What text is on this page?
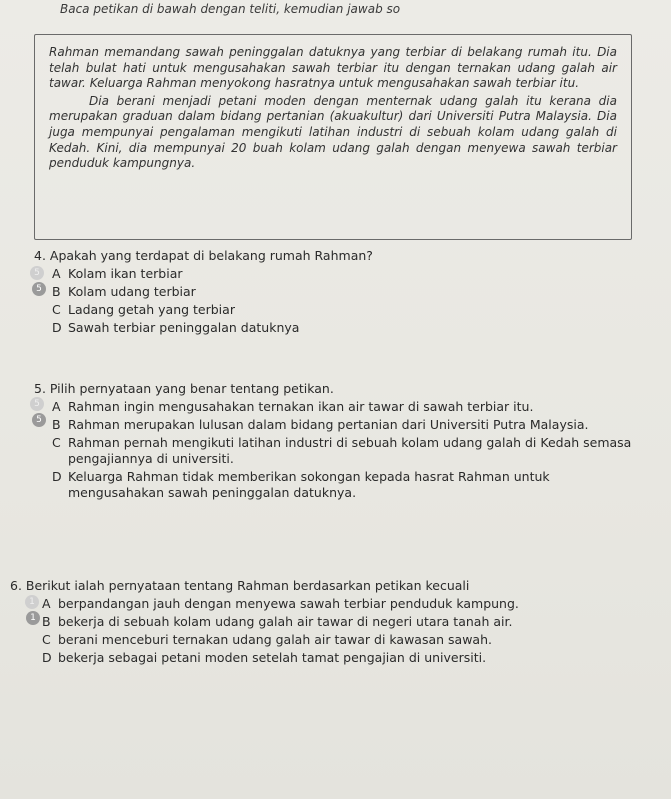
Baca petikan di bawah dengan teliti, kemudian jawab so

Rahman memandang sawah peninggalan datuknya yang terbiar di belakang rumah itu. Dia telah bulat hati untuk mengusahakan sawah terbiar itu dengan ternakan udang galah air tawar. Keluarga Rahman menyokong hasratnya untuk mengusahakan sawah terbiar itu.

Dia berani menjadi petani moden dengan menternak udang galah itu kerana dia merupakan graduan dalam bidang pertanian (akuakultur) dari Universiti Putra Malaysia. Dia juga mempunyai pengalaman mengikuti latihan industri di sebuah kolam udang galah di Kedah. Kini, dia mempunyai 20 buah kolam udang galah dengan menyewa sawah terbiar penduduk kampungnya.

4. Apakah yang terdapat di belakang rumah Rahman?
A Kolam ikan terbiar
B Kolam udang terbiar
C Ladang getah yang terbiar
D Sawah terbiar peninggalan datuknya
5
5
5. Pilih pernyataan yang benar tentang petikan.
A Rahman ingin mengusahakan ternakan ikan air tawar di sawah terbiar itu.
B Rahman merupakan lulusan dalam bidang pertanian dari Universiti Putra Malaysia.
C Rahman pernah mengikuti latihan industri di sebuah kolam udang galah di Kedah semasa pengajiannya di universiti.
D Keluarga Rahman tidak memberikan sokongan kepada hasrat Rahman untuk mengusahakan sawah peninggalan datuknya.
5
5
6. Berikut ialah pernyataan tentang Rahman berdasarkan petikan kecuali
A berpandangan jauh dengan menyewa sawah terbiar penduduk kampung.
B bekerja di sebuah kolam udang galah air tawar di negeri utara tanah air.
C berani menceburi ternakan udang galah air tawar di kawasan sawah.
D bekerja sebagai petani moden setelah tamat pengajian di universiti.
1
1
